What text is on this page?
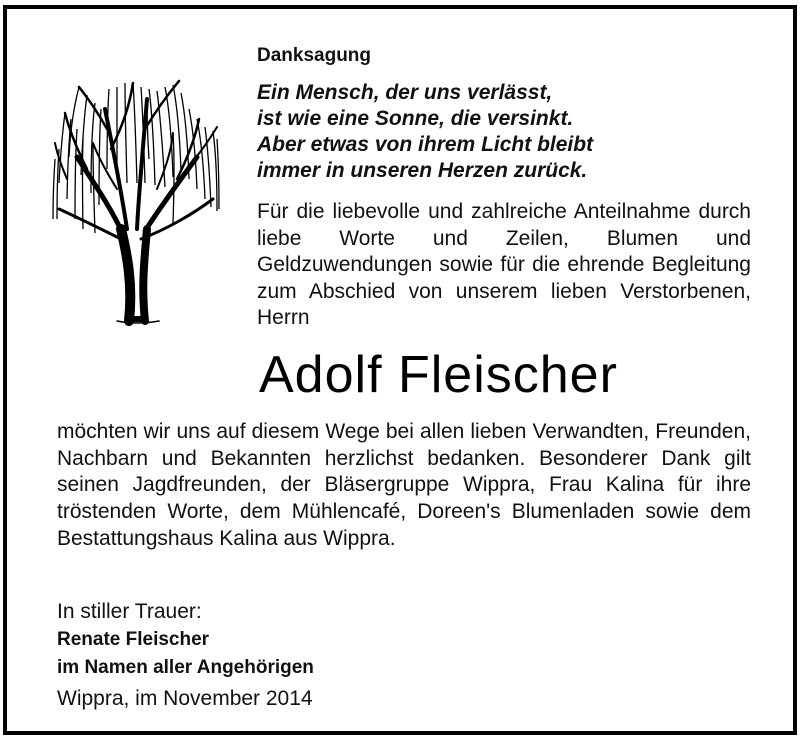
Danksagung
Ein Mensch, der uns verlässt,
ist wie eine Sonne, die versinkt.
Aber etwas von ihrem Licht bleibt
immer in unseren Herzen zurück.
Für die liebevolle und zahlreiche Anteilnahme durch liebe Worte und Zeilen, Blumen und Geldzuwendungen sowie für die ehrende Begleitung zum Abschied von unserem lieben Verstorbenen, Herrn
Adolf Fleischer
möchten wir uns auf diesem Wege bei allen lieben Verwandten, Freunden, Nachbarn und Bekannten herzlichst bedanken. Besonderer Dank gilt seinen Jagdfreunden, der Bläsergruppe Wippra, Frau Kalina für ihre tröstenden Worte, dem Mühlencafé, Doreen's Blumenladen sowie dem Bestattungshaus Kalina aus Wippra.
In stiller Trauer:
Renate Fleischer
im Namen aller Angehörigen
Wippra, im November 2014
